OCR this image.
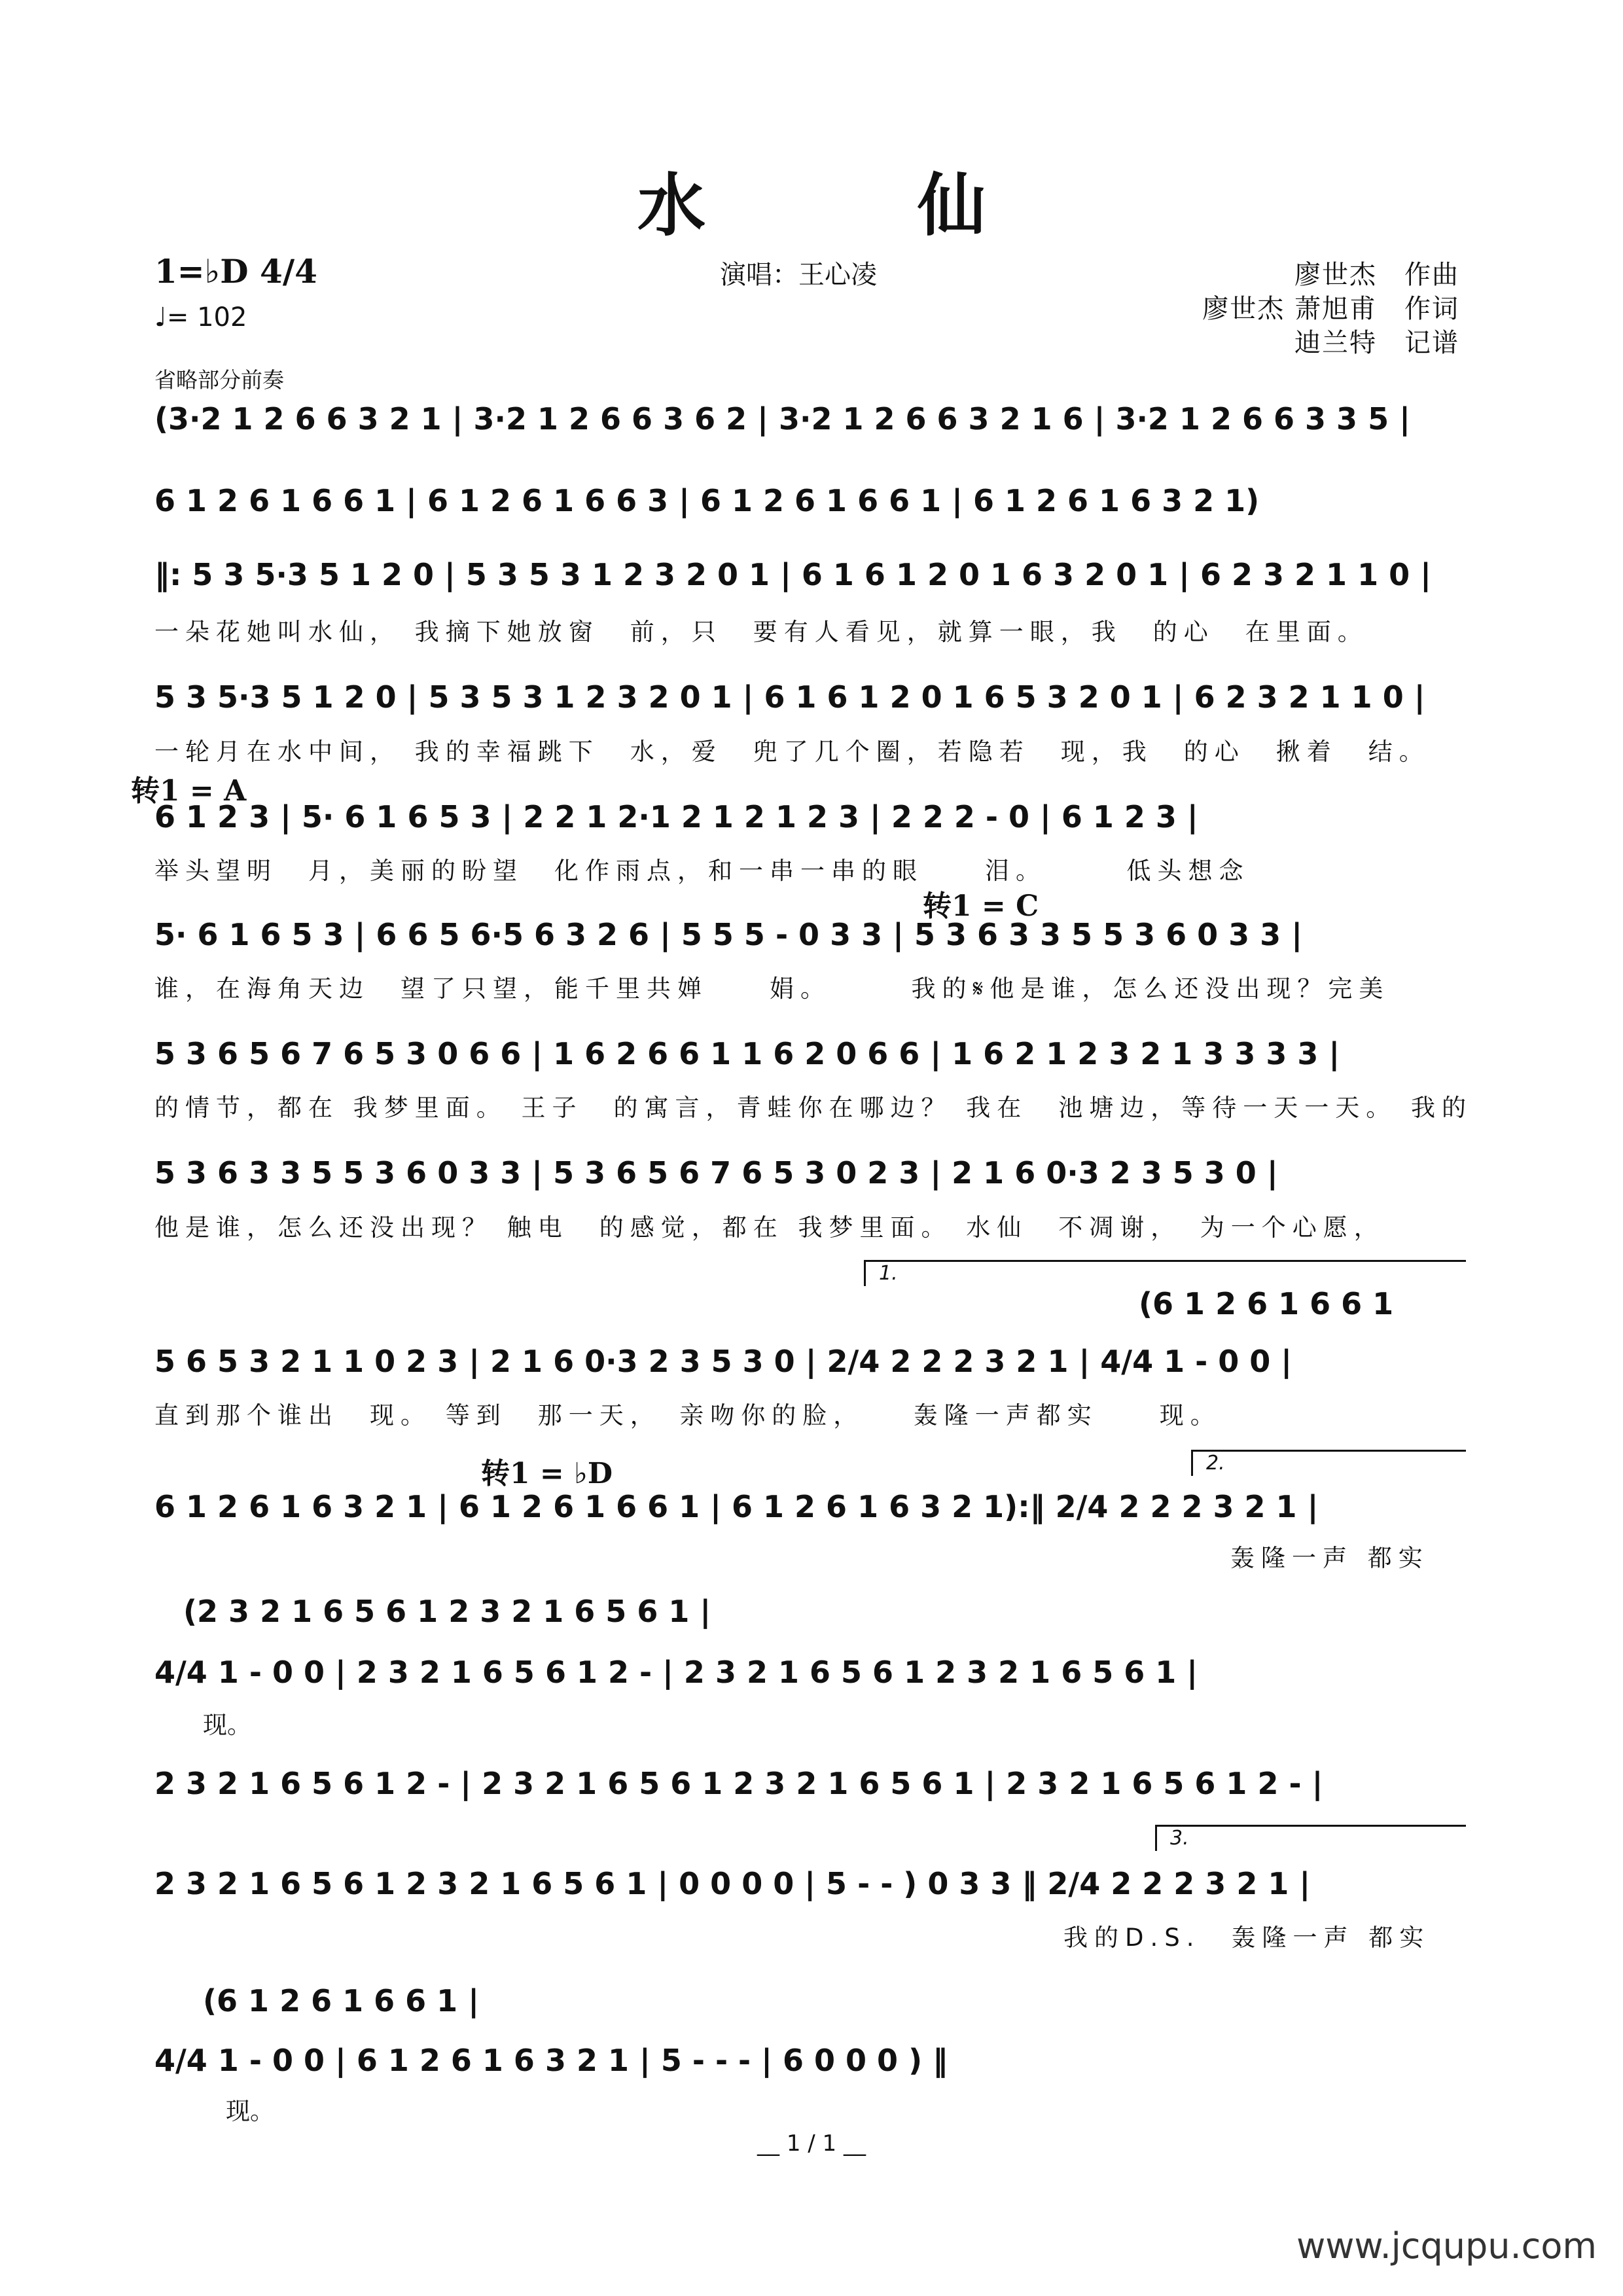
水　仙
1=♭D 4/4
♩= 102
演唱：王心凌	廖世杰　作曲
廖世杰 萧旭甫　作词
迪兰特　记谱
省略部分前奏
(3·2 1 2 6 6 3 2 1 | 3·2 1 2 6 6 3 6 2 | 3·2 1 2 6 6 3 2 1 6 | 3·2 1 2 6 6 3 3 5 |
6 1 2 6 1 6 6 1 | 6 1 2 6 1 6 6 3 | 6 1 2 6 1 6 6 1 | 6 1 2 6 1 6 3 2 1)
‖: 5 3 5·3 5 1 2 0 | 5 3 5 3 1 2 3 2 0 1 | 6 1 6 1 2 0 1 6 3 2 0 1 | 6 2 3 2 1 1 0 |
一朵花她叫水仙， 我摘下她放窗　前，只　要有人看见，就算一眼，我　的心　在里面。
5 3 5·3 5 1 2 0 | 5 3 5 3 1 2 3 2 0 1 | 6 1 6 1 2 0 1 6 5 3 2 0 1 | 6 2 3 2 1 1 0 |
一轮月在水中间， 我的幸福跳下　水，爱　兜了几个圈，若隐若　现，我　的心　揪着　结。
转1 = A
6 1 2 3 | 5· 6 1 6 5 3 | 2 2 1 2·1 2 1 2 1 2 3 | 2 2 2 - 0 | 6 1 2 3 |
举头望明　月，美丽的盼望　化作雨点，和一串一串的眼　　泪。　　　低头想念
转1 = C
5· 6 1 6 5 3 | 6 6 5 6·5 6 3 2 6 | 5 5 5 - 0 3 3 | 5 3 6 3 3 5 5 3 6 0 3 3 |
谁，在海角天边　望了只望，能千里共婵　　娟。　　　我的𝄋他是谁，怎么还没出现？完美
5 3 6 5 6 7 6 5 3 0 6 6 | 1 6 2 6 6 1 1 6 2 0 6 6 | 1 6 2 1 2 3 2 1 3 3 3 3 |
的情节，都在 我梦里面。 王子　的寓言，青蛙你在哪边？ 我在　池塘边，等待一天一天。 我的
5 3 6 3 3 5 5 3 6 0 3 3 | 5 3 6 5 6 7 6 5 3 0 2 3 | 2 1 6 0·3 2 3 5 3 0 |
他是谁，怎么还没出现？ 触电　的感觉，都在 我梦里面。 水仙　不凋谢，　为一个心愿，
1.
(6 1 2 6 1 6 6 1
5 6 5 3 2 1 1 0 2 3 | 2 1 6 0·3 2 3 5 3 0 | 2/4 2 2 2 3 2 1 | 4/4 1 - 0 0 |
直到那个谁出　现。 等到　那一天，　亲吻你的脸，　　轰隆一声都实　　现。
转1 = ♭D	2.
6 1 2 6 1 6 3 2 1 | 6 1 2 6 1 6 6 1 | 6 1 2 6 1 6 3 2 1):‖ 2/4 2 2 2 3 2 1 |
轰隆一声 都实
(2 3 2 1 6 5 6 1 2 3 2 1 6 5 6 1 |
4/4 1 - 0 0 | 2 3 2 1 6 5 6 1 2 - | 2 3 2 1 6 5 6 1 2 3 2 1 6 5 6 1 |
现。
2 3 2 1 6 5 6 1 2 - | 2 3 2 1 6 5 6 1 2 3 2 1 6 5 6 1 | 2 3 2 1 6 5 6 1 2 - |
3.
2 3 2 1 6 5 6 1 2 3 2 1 6 5 6 1 | 0 0 0 0 | 5 - - ) 0 3 3 ‖ 2/4 2 2 2 3 2 1 |
我的D.S.　轰隆一声 都实
(6 1 2 6 1 6 6 1 |
4/4 1 - 0 0 | 6 1 2 6 1 6 3 2 1 | 5 - - - | 6 0 0 0 ) ‖
现。
__ 1 / 1 __
www.jcqupu.com
